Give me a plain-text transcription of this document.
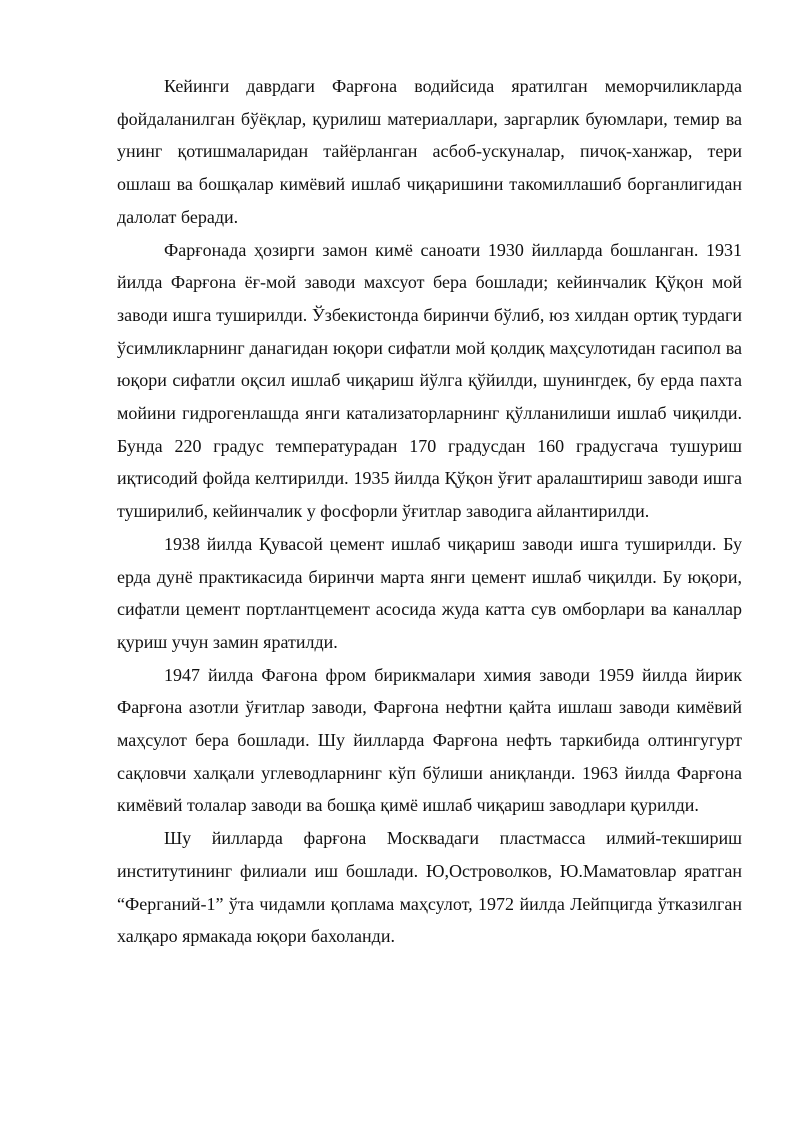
Кейинги даврдаги Фарғона водийсида яратилган меморчиликларда фойдаланилган бўёқлар, қурилиш материаллари, заргарлик буюмлари, темир ва унинг қотишмаларидан тайёрланган асбоб-ускуналар, пичоқ-ханжар, тери ошлаш ва бошқалар кимёвий ишлаб чиқаришини такомиллашиб борганлигидан далолат беради.

Фарғонада ҳозирги замон кимё саноати 1930 йилларда бошланган. 1931 йилда Фарғона ёғ-мой заводи махсуот бера бошлади; кейинчалик Қўқон мой заводи ишга туширилди. Ўзбекистонда биринчи бўлиб, юз хилдан ортиқ турдаги ўсимликларнинг данагидан юқори сифатли мой қолдиқ маҳсулотидан гасипол ва юқори сифатли оқсил ишлаб чиқариш йўлга қўйилди, шунингдек, бу ерда пахта мойини гидрогенлашда янги катализаторларнинг қўлланилиши ишлаб чиқилди. Бунда 220 градус температурадан 170 градусдан 160 градусгача тушуриш иқтисодий фойда келтирилди. 1935 йилда Қўқон ўғит аралаштириш заводи ишга туширилиб, кейинчалик у фосфорли ўғитлар заводига айлантирилди.

1938 йилда Қувасой цемент ишлаб чиқариш заводи ишга туширилди. Бу ерда дунё практикасида биринчи марта янги цемент ишлаб чиқилди. Бу юқори, сифатли цемент портлантцемент асосида жуда катта сув омборлари ва каналлар қуриш учун замин яратилди.

1947 йилда Фағона фром бирикмалари химия заводи 1959 йилда йирик Фарғона азотли ўғитлар заводи, Фарғона нефтни қайта ишлаш заводи кимёвий маҳсулот бера бошлади. Шу йилларда Фарғона нефть таркибида олтингугурт сақловчи халқали углеводларнинг кўп бўлиши аниқланди. 1963 йилда Фарғона кимёвий толалар заводи ва бошқа қимё ишлаб чиқариш заводлари қурилди.

Шу йилларда фарғона Москвадаги пластмасса илмий-текшириш институтининг филиали иш бошлади. Ю,Островолков, Ю.Маматовлар яратган “Ферганий-1” ўта чидамли қоплама маҳсулот, 1972 йилда Лейпцигда ўтказилган халқаро ярмакада юқори бахоланди.
